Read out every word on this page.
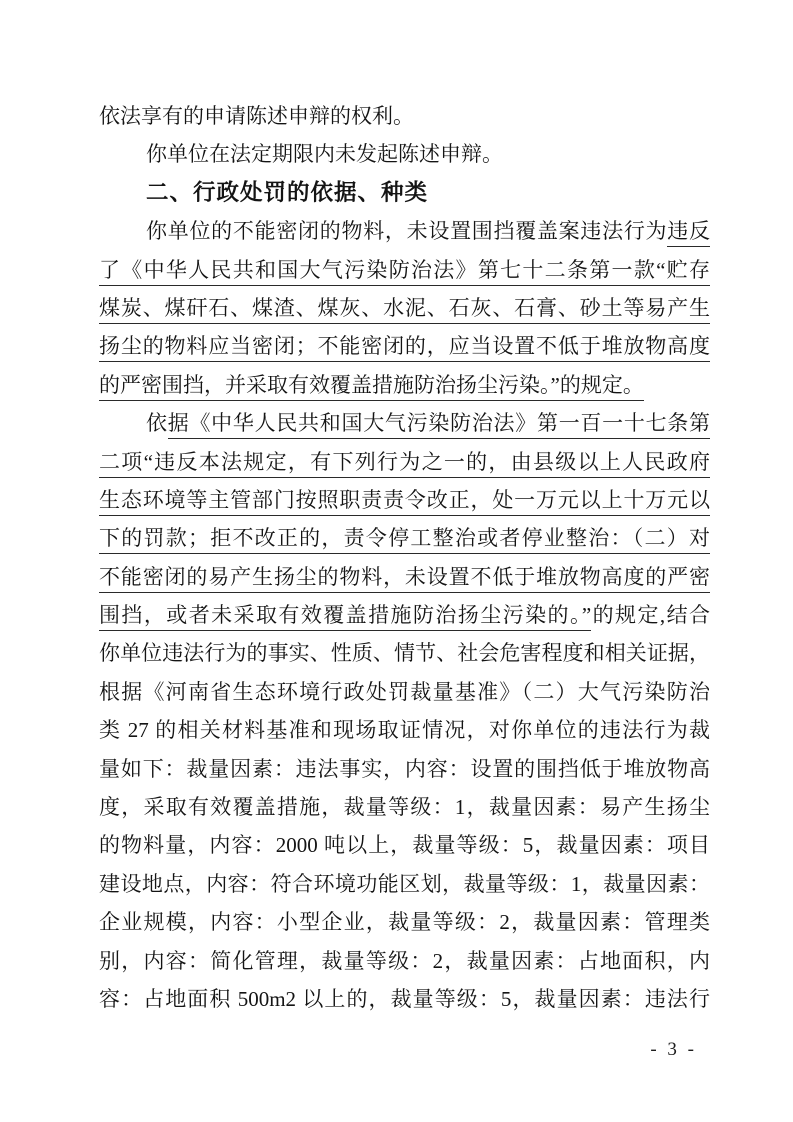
依法享有的申请陈述申辩的权利。
你单位在法定期限内未发起陈述申辩。
二、行政处罚的依据、种类
你单位的不能密闭的物料，未设置围挡覆盖案违法行为违反
了《中华人民共和国大气污染防治法》第七十二条第一款“贮存
煤炭、煤矸石、煤渣、煤灰、水泥、石灰、石膏、砂土等易产生
扬尘的物料应当密闭；不能密闭的，应当设置不低于堆放物高度
的严密围挡，并采取有效覆盖措施防治扬尘污染。”的规定。
依据《中华人民共和国大气污染防治法》第一百一十七条第
二项“违反本法规定，有下列行为之一的，由县级以上人民政府
生态环境等主管部门按照职责责令改正，处一万元以上十万元以
下的罚款；拒不改正的，责令停工整治或者停业整治：（二）对
不能密闭的易产生扬尘的物料，未设置不低于堆放物高度的严密
围挡，或者未采取有效覆盖措施防治扬尘污染的。”的规定,结合
你单位违法行为的事实、性质、情节、社会危害程度和相关证据，
根据《河南省生态环境行政处罚裁量基准》（二）大气污染防治
类 27 的相关材料基准和现场取证情况，对你单位的违法行为裁
量如下：裁量因素：违法事实，内容：设置的围挡低于堆放物高
度，采取有效覆盖措施，裁量等级：1，裁量因素：易产生扬尘
的物料量，内容：2000 吨以上，裁量等级：5，裁量因素：项目
建设地点，内容：符合环境功能区划，裁量等级：1，裁量因素：
企业规模，内容：小型企业，裁量等级：2，裁量因素：管理类
别，内容：简化管理，裁量等级：2，裁量因素：占地面积，内
容：占地面积 500m2 以上的，裁量等级：5，裁量因素：违法行
- 3 -
